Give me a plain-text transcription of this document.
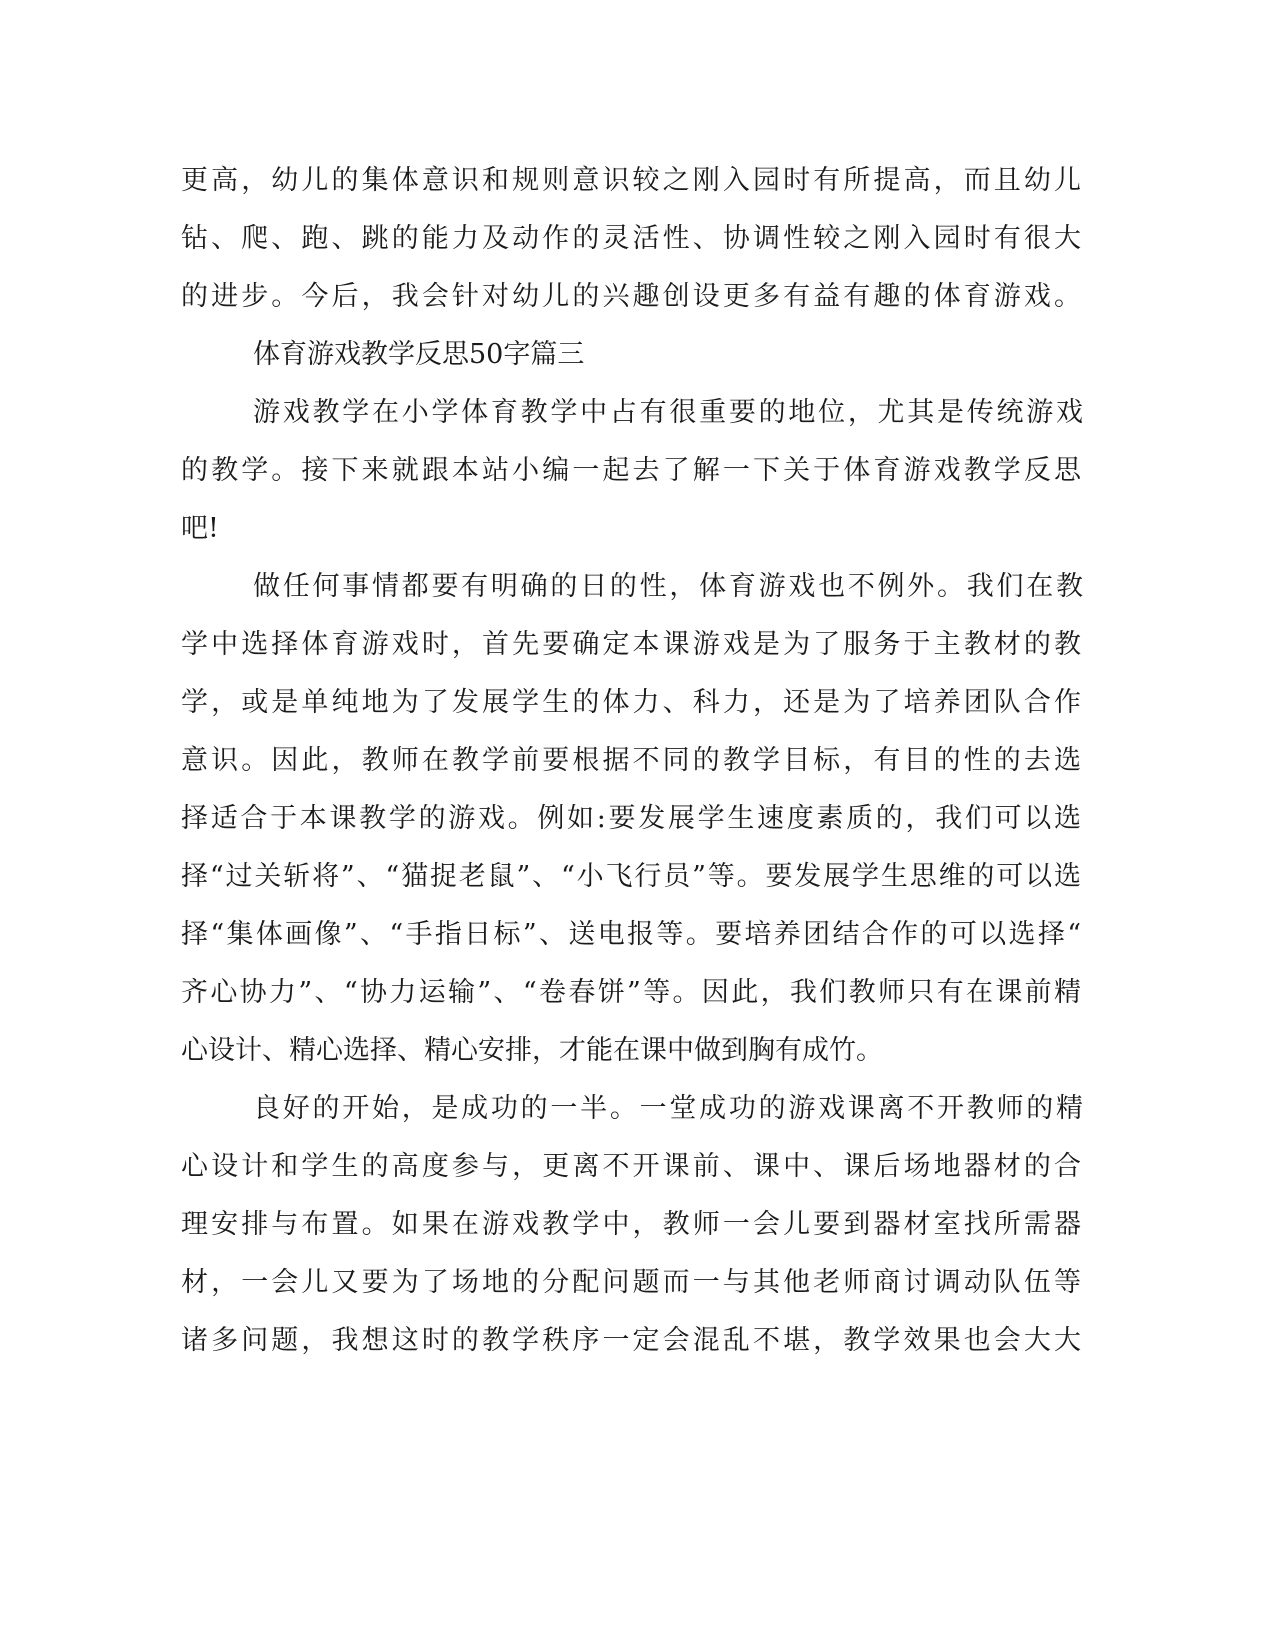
更高，幼儿的集体意识和规则意识较之刚入园时有所提高，而且幼儿
钻、爬、跑、跳的能力及动作的灵活性、协调性较之刚入园时有很大
的进步。今后，我会针对幼儿的兴趣创设更多有益有趣的体育游戏。
体育游戏教学反思50字篇三
游戏教学在小学体育教学中占有很重要的地位，尤其是传统游戏
的教学。接下来就跟本站小编一起去了解一下关于体育游戏教学反思
吧!
做任何事情都要有明确的日的性，体育游戏也不例外。我们在教
学中选择体育游戏时，首先要确定本课游戏是为了服务于主教材的教
学，或是单纯地为了发展学生的体力、科力，还是为了培养团队合作
意识。因此，教师在教学前要根据不同的教学目标，有目的性的去选
择适合于本课教学的游戏。例如:要发展学生速度素质的，我们可以选
择“过关斩将”、“猫捉老鼠”、“小飞行员”等。要发展学生思维的可以选
择“集体画像”、“手指日标”、送电报等。要培养团结合作的可以选择“
齐心协力”、“协力运输”、“卷春饼”等。因此，我们教师只有在课前精
心设计、精心选择、精心安排，才能在课中做到胸有成竹。
良好的开始，是成功的一半。一堂成功的游戏课离不开教师的精
心设计和学生的高度参与，更离不开课前、课中、课后场地器材的合
理安排与布置。如果在游戏教学中，教师一会儿要到器材室找所需器
材，一会儿又要为了场地的分配问题而一与其他老师商讨调动队伍等
诸多问题，我想这时的教学秩序一定会混乱不堪，教学效果也会大大
